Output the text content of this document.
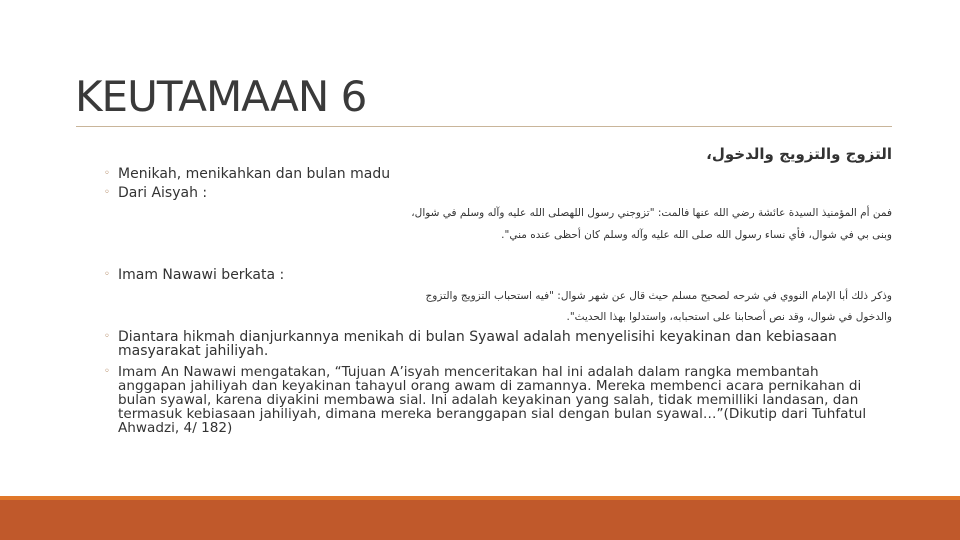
KEUTAMAAN 6
التزوج والتزويج والدخول،
◦ Menikah, menikahkan dan bulan madu
◦ Dari Aisyah :
فمن أم المؤمنيذ السيدة عائشة رضي الله عنها فالمت: "تزوجني رسول اللهصلى الله عليه وآله وسلم في شوال،
وبنى بي في شوال، فأي نساء رسول الله صلى الله عليه وآله وسلم كان أحظى عنده مني".
◦ Imam Nawawi berkata :
وذكر ذلك أبا الإمام النووي في شرحه لصحيح مسلم حيث قال عن شهر شوال: "فيه استحباب التزويج والتزوج
والدخول في شوال، وقد نص أصحابنا على استحبابه، واستدلوا بهذا الحديث".
◦ Diantara hikmah dianjurkannya menikah di bulan Syawal adalah menyelisihi keyakinan dan kebiasaan masyarakat jahiliyah.
◦ Imam An Nawawi mengatakan, “Tujuan A’isyah menceritakan hal ini adalah dalam rangka membantah anggapan jahiliyah dan keyakinan tahayul orang awam di zamannya. Mereka membenci acara pernikahan di bulan syawal, karena diyakini membawa sial. Ini adalah keyakinan yang salah, tidak memilliki landasan, dan termasuk kebiasaan jahiliyah, dimana mereka beranggapan sial dengan bulan syawal…”(Dikutip dari Tuhfatul Ahwadzi, 4/ 182)
